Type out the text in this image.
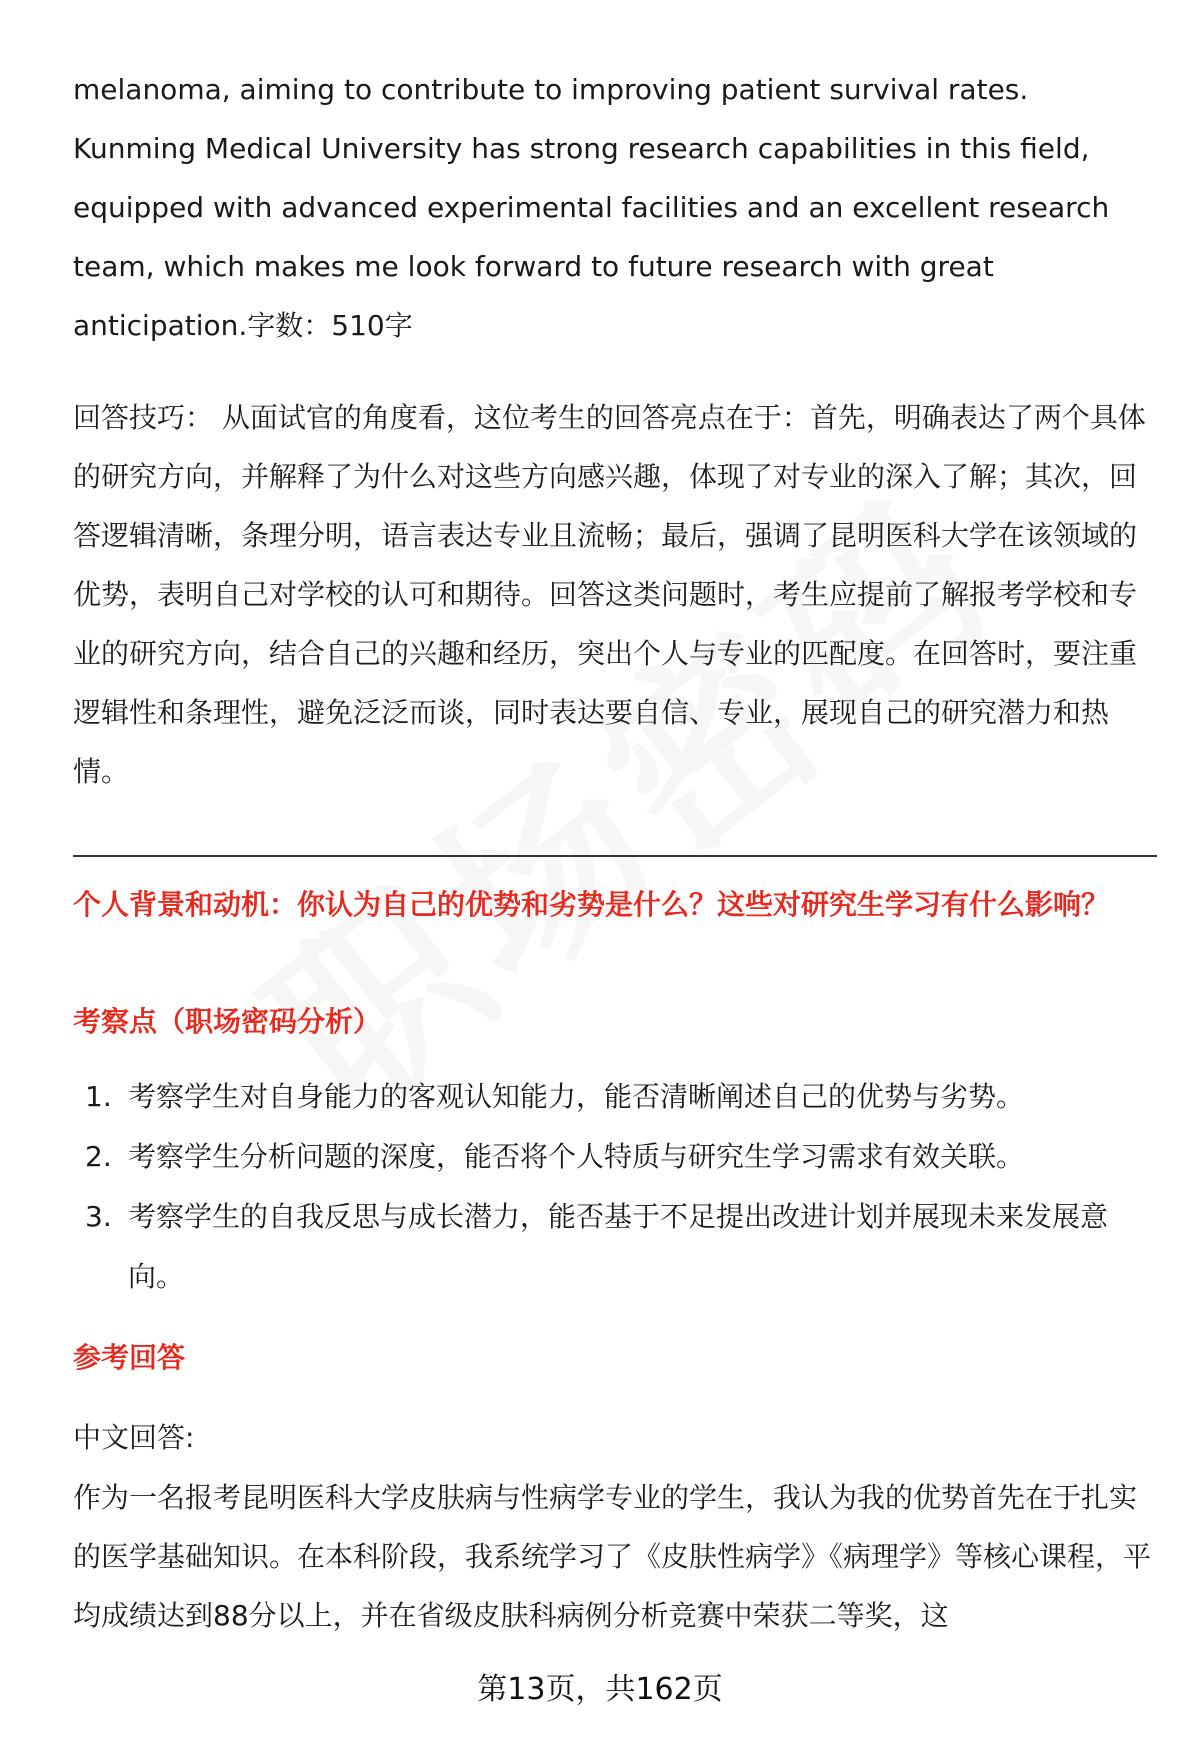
melanoma, aiming to contribute to improving patient survival rates. Kunming Medical University has strong research capabilities in this field, equipped with advanced experimental facilities and an excellent research team, which makes me look forward to future research with great anticipation.字数：510字

回答技巧： 从面试官的角度看，这位考生的回答亮点在于：首先，明确表达了两个具体的研究方向，并解释了为什么对这些方向感兴趣，体现了对专业的深入了解；其次，回答逻辑清晰，条理分明，语言表达专业且流畅；最后，强调了昆明医科大学在该领域的优势，表明自己对学校的认可和期待。回答这类问题时，考生应提前了解报考学校和专业的研究方向，结合自己的兴趣和经历，突出个人与专业的匹配度。在回答时，要注重逻辑性和条理性，避免泛泛而谈，同时表达要自信、专业，展现自己的研究潜力和热情。

个人背景和动机：你认为自己的优势和劣势是什么？这些对研究生学习有什么影响？
考察点（职场密码分析）
1. 考察学生对自身能力的客观认知能力，能否清晰阐述自己的优势与劣势。
2. 考察学生分析问题的深度，能否将个人特质与研究生学习需求有效关联。
3. 考察学生的自我反思与成长潜力，能否基于不足提出改进计划并展现未来发展意向。
参考回答

中文回答:

作为一名报考昆明医科大学皮肤病与性病学专业的学生，我认为我的优势首先在于扎实的医学基础知识。在本科阶段，我系统学习了《皮肤性病学》《病理学》等核心课程，平均成绩达到88分以上，并在省级皮肤科病例分析竞赛中荣获二等奖，这

第13页，共162页
